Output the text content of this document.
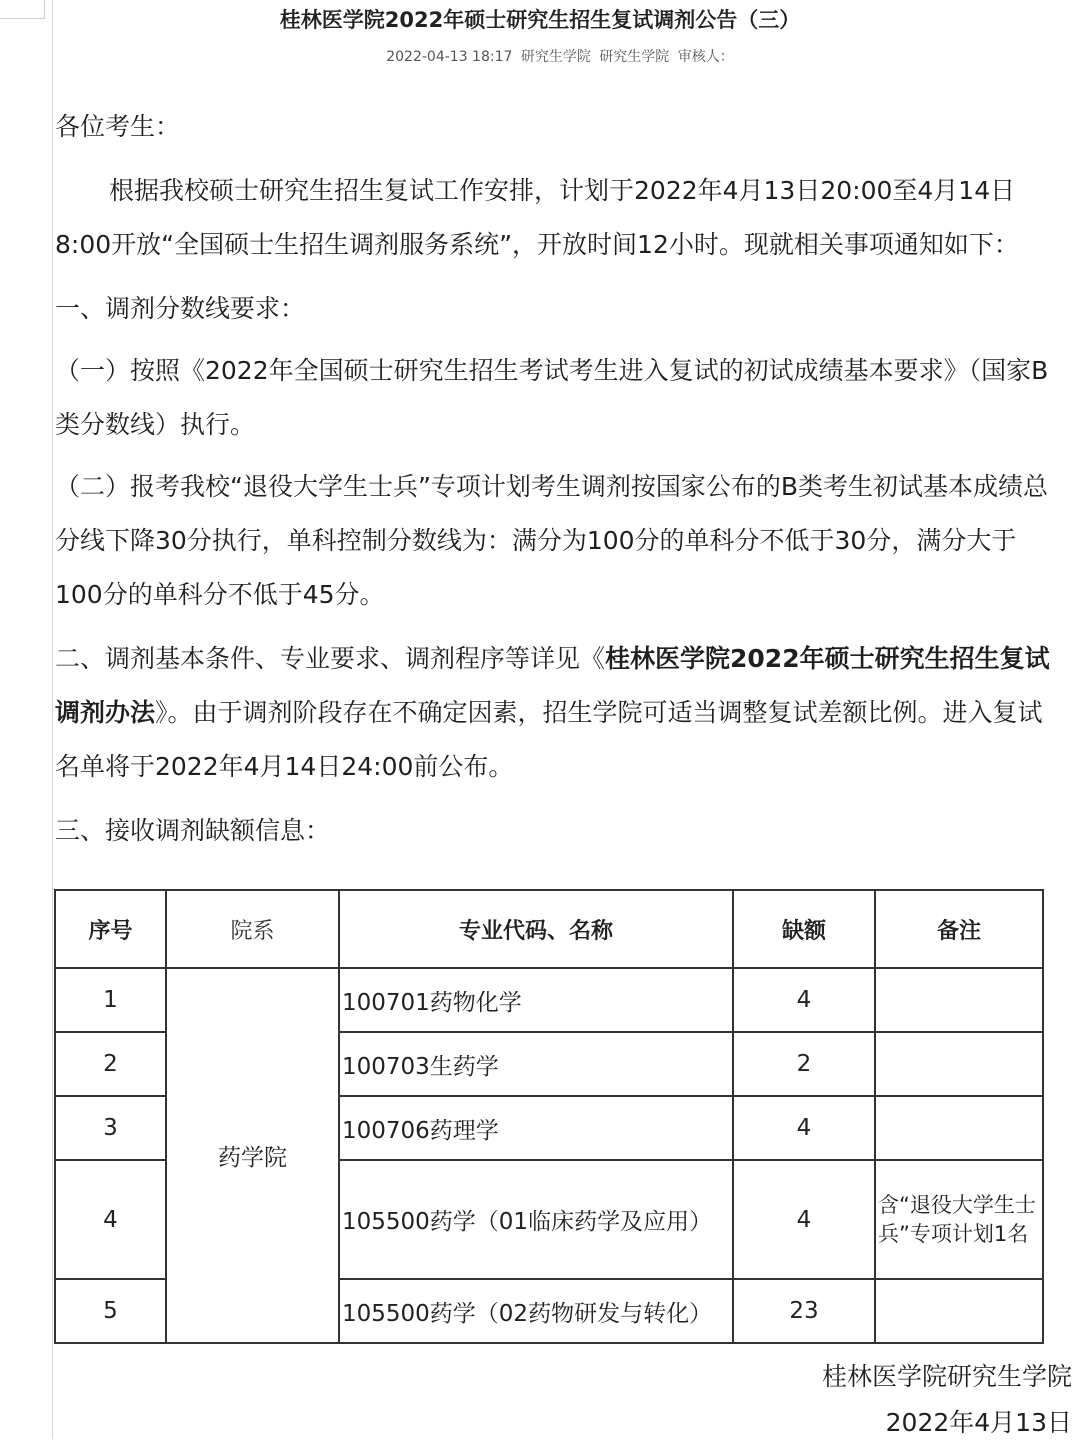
桂林医学院2022年硕士研究生招生复试调剂公告（三）
2022-04-13 18:17 研究生学院 研究生学院 审核人：

各位考生：

根据我校硕士研究生招生复试工作安排，计划于2022年4月13日20:00至4月14日8:00开放“全国硕士生招生调剂服务系统”，开放时间12小时。现就相关事项通知如下：

一、调剂分数线要求：

（一）按照《2022年全国硕士研究生招生考试考生进入复试的初试成绩基本要求》（国家B类分数线）执行。

（二）报考我校“退役大学生士兵”专项计划考生调剂按国家公布的B类考生初试基本成绩总分线下降30分执行，单科控制分数线为：满分为100分的单科分不低于30分，满分大于100分的单科分不低于45分。

二、调剂基本条件、专业要求、调剂程序等详见《桂林医学院2022年硕士研究生招生复试调剂办法》。由于调剂阶段存在不确定因素，招生学院可适当调整复试差额比例。进入复试名单将于2022年4月14日24:00前公布。

三、接收调剂缺额信息：

序号	院系	专业代码、名称	缺额	备注
1	药学院	100701药物化学	4	
2		100703生药学	2	
3		100706药理学	4	
4		105500药学（01临床药学及应用）	4	含“退役大学生士兵”专项计划1名
5		105500药学（02药物研发与转化）	23	
桂林医学院研究生学院
2022年4月13日
